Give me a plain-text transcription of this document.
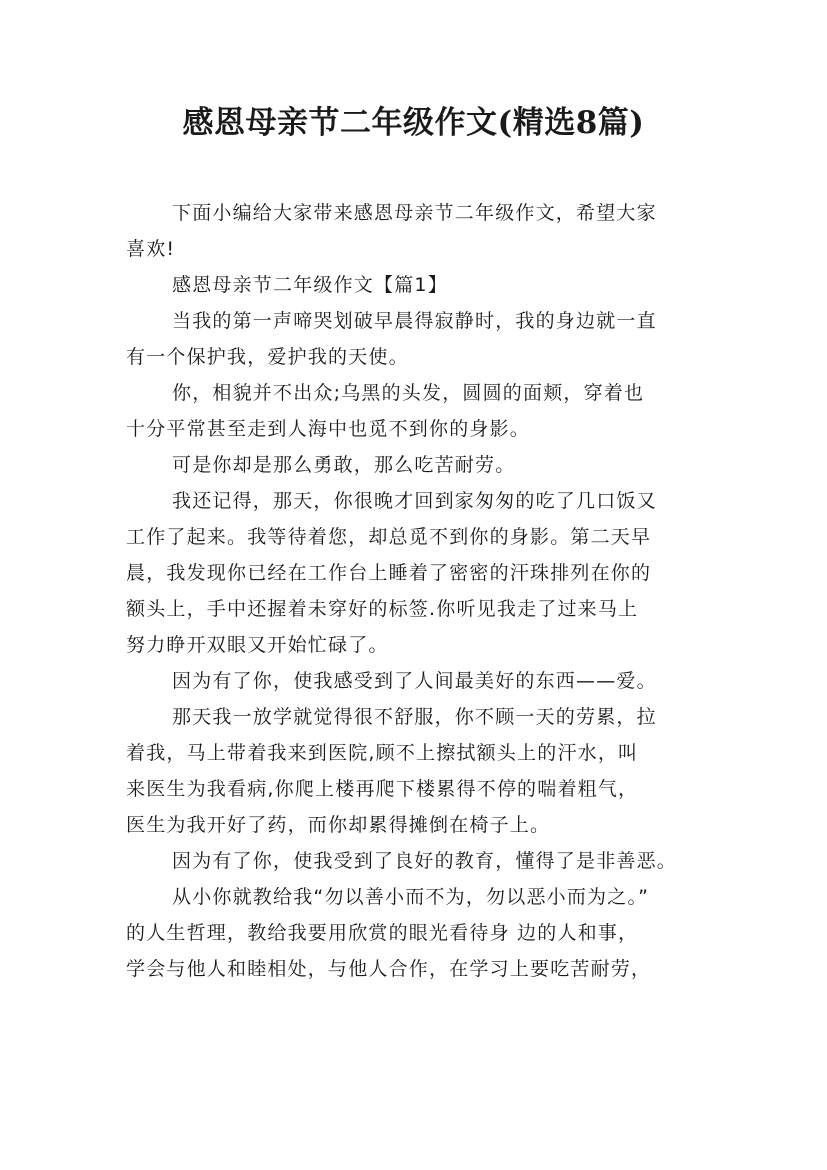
感恩母亲节二年级作文(精选8篇)
下面小编给大家带来感恩母亲节二年级作文，希望大家
喜欢!
感恩母亲节二年级作文【篇1】
当我的第一声啼哭划破早晨得寂静时，我的身边就一直
有一个保护我，爱护我的天使。
你，相貌并不出众;乌黑的头发，圆圆的面颊，穿着也
十分平常甚至走到人海中也觅不到你的身影。
可是你却是那么勇敢，那么吃苦耐劳。
我还记得，那天，你很晚才回到家匆匆的吃了几口饭又
工作了起来。我等待着您，却总觅不到你的身影。第二天早
晨，我发现你已经在工作台上睡着了密密的汗珠排列在你的
额头上，手中还握着未穿好的标签.你听见我走了过来马上
努力睁开双眼又开始忙碌了。
因为有了你，使我感受到了人间最美好的东西——爱。
那天我一放学就觉得很不舒服，你不顾一天的劳累，拉
着我，马上带着我来到医院,顾不上擦拭额头上的汗水，叫
来医生为我看病,你爬上楼再爬下楼累得不停的喘着粗气，
医生为我开好了药，而你却累得摊倒在椅子上。
因为有了你，使我受到了良好的教育，懂得了是非善恶。
从小你就教给我“勿以善小而不为，勿以恶小而为之。”
的人生哲理，教给我要用欣赏的眼光看待身 边的人和事，
学会与他人和睦相处，与他人合作，在学习上要吃苦耐劳，
